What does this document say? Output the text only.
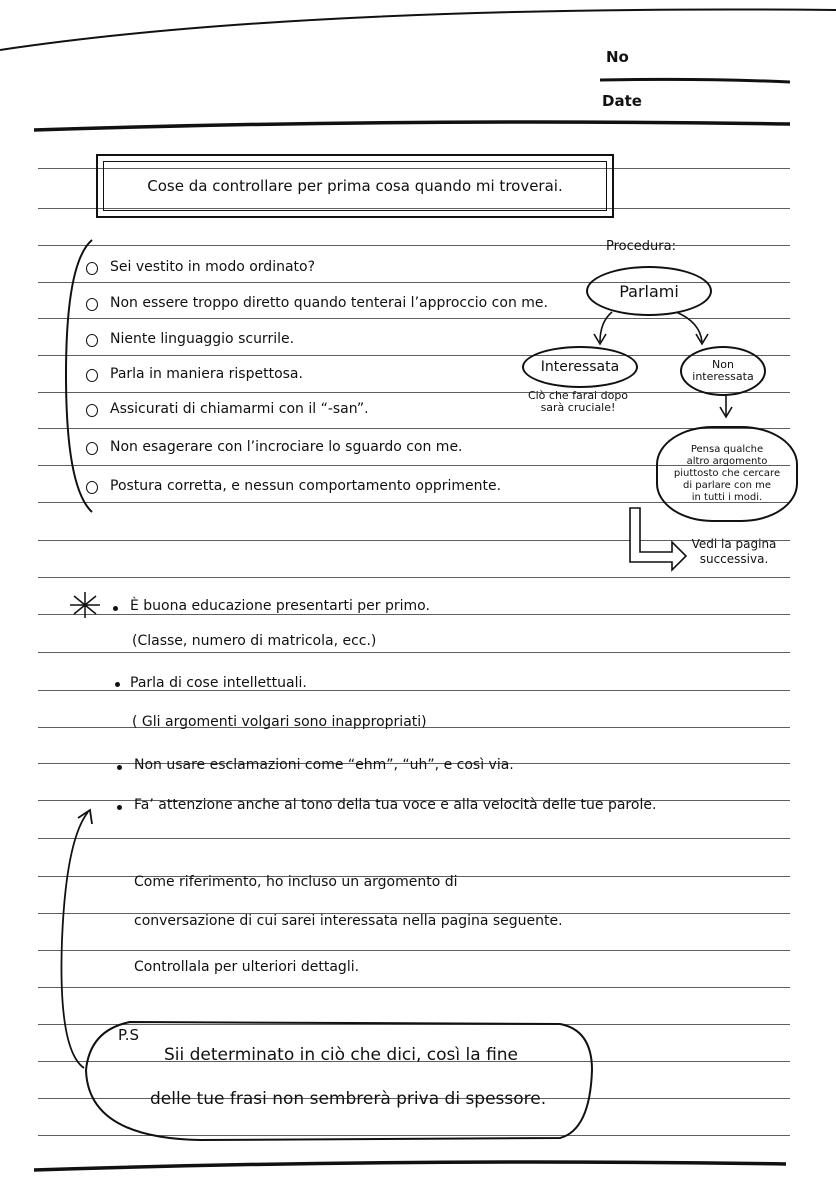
No
Date
Cose da controllare per prima cosa quando mi troverai.
Sei vestito in modo ordinato?
Non essere troppo diretto quando tenterai l’approccio con me.
Niente linguaggio scurrile.
Parla in maniera rispettosa.
Assicurati di chiamarmi con il “-san”.
Non esagerare con l’incrociare lo sguardo con me.
Postura corretta, e nessun comportamento opprimente.
Procedura:
Parlami
Interessata
Ciò che farai dopo
sarà cruciale!
Non
interessata
Pensa qualche
altro argomento
piuttosto che cercare
di parlare con me
in tutti i modi.
Vedi la pagina
successiva.
È buona educazione presentarti per primo.
(Classe, numero di matricola, ecc.)
Parla di cose intellettuali.
( Gli argomenti volgari sono inappropriati)
Non usare esclamazioni come “ehm”, “uh”, e così via.
Fa’ attenzione anche al tono della tua voce e alla velocità delle tue parole.
Come riferimento, ho incluso un argomento di
conversazione di cui sarei interessata nella pagina seguente.
Controllala per ulteriori dettagli.
P.S
Sii determinato in ciò che dici, così la fine
delle tue frasi non sembrerà priva di spessore.
